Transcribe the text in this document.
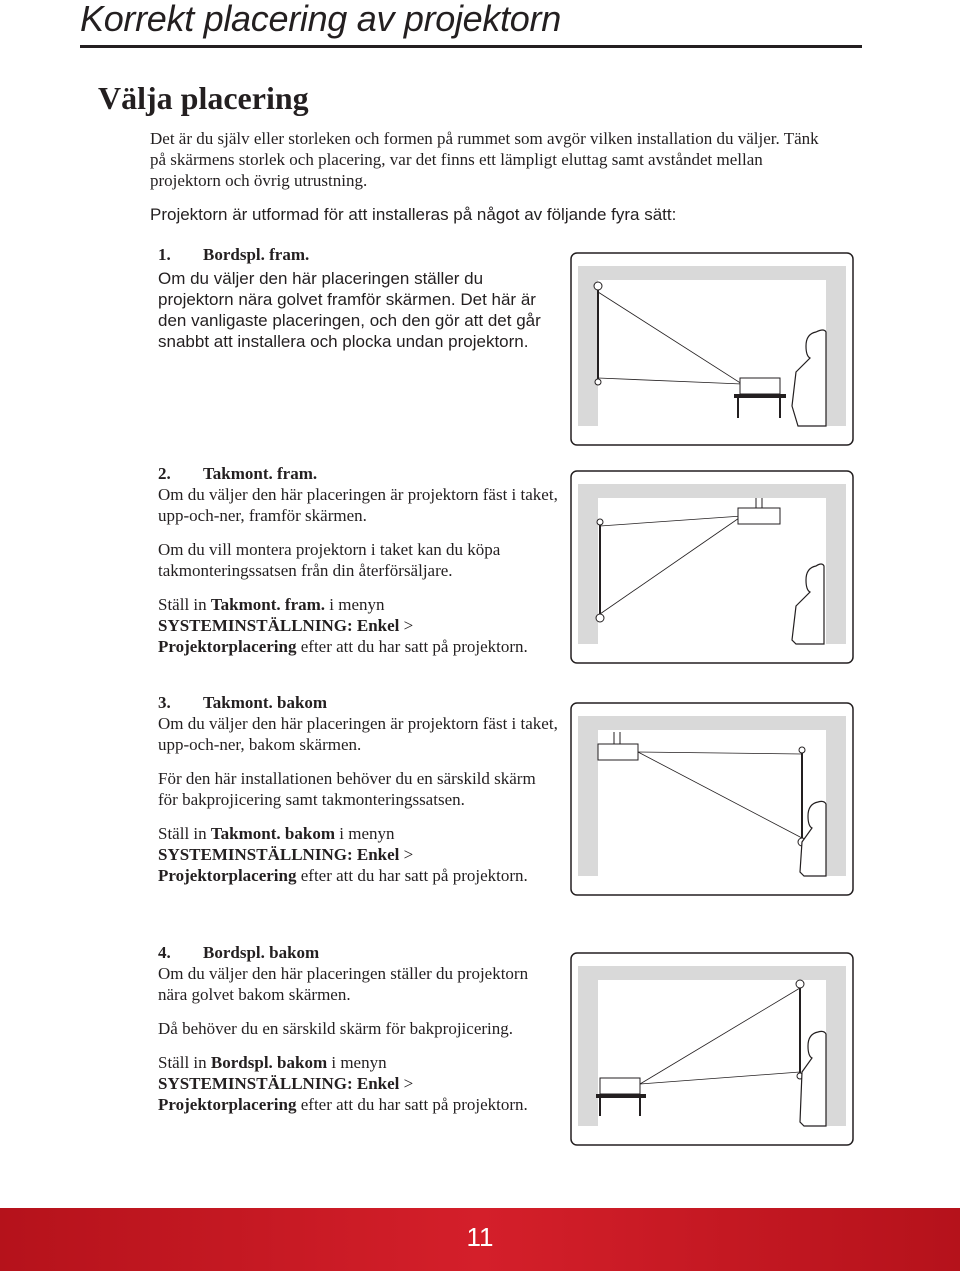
Korrekt placering av projektorn
Välja placering

Det är du själv eller storleken och formen på rummet som avgör vilken installation du väljer. Tänk på skärmens storlek och placering, var det finns ett lämpligt eluttag samt avståndet mellan projektorn och övrig utrustning.

Projektorn är utformad för att installeras på något av följande fyra sätt:

1. Bordspl. fram.

Om du väljer den här placeringen ställer du projektorn nära golvet framför skärmen. Det här är den vanligaste placeringen, och den gör att det går snabbt att installera och plocka undan projektorn.

2. Takmont. fram.

Om du väljer den här placeringen är projektorn fäst i taket, upp-och-ner, framför skärmen.

Om du vill montera projektorn i taket kan du köpa takmonteringssatsen från din återförsäljare.

Ställ in Takmont. fram. i menyn
SYSTEMINSTÄLLNING: Enkel >
Projektorplacering efter att du har satt på projektorn.

3. Takmont. bakom

Om du väljer den här placeringen är projektorn fäst i taket, upp-och-ner, bakom skärmen.

För den här installationen behöver du en särskild skärm för bakprojicering samt takmonteringssatsen.

Ställ in Takmont. bakom i menyn
SYSTEMINSTÄLLNING: Enkel >
Projektorplacering efter att du har satt på projektorn.

4. Bordspl. bakom

Om du väljer den här placeringen ställer du projektorn nära golvet bakom skärmen.

Då behöver du en särskild skärm för bakprojicering.

Ställ in Bordspl. bakom i menyn
SYSTEMINSTÄLLNING: Enkel >
Projektorplacering efter att du har satt på projektorn.

11
